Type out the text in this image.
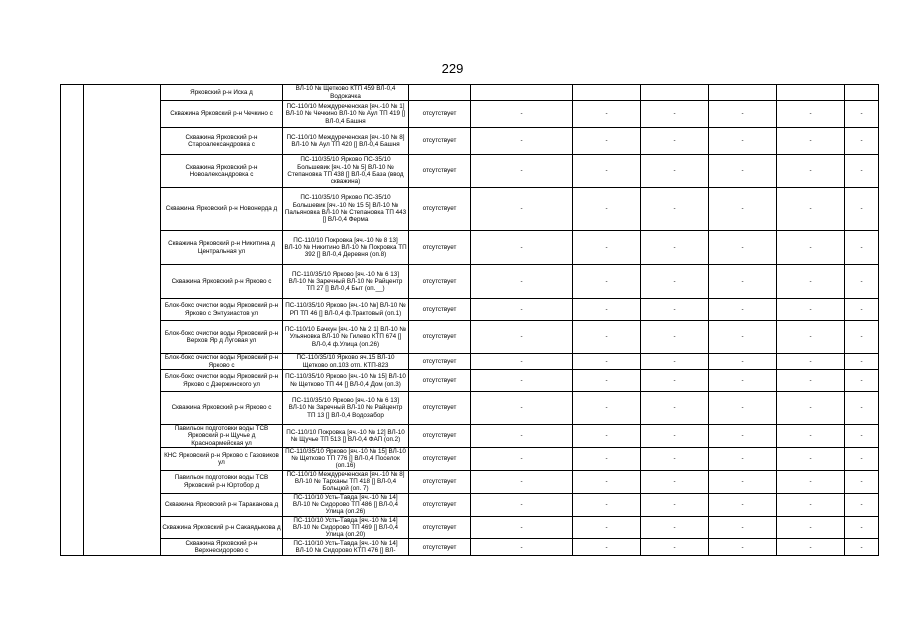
229
		Ярковский р-н Иска д	ВЛ-10 № Щетково КТП 459 ВЛ-0,4 Водокачка							
		Скважина Ярковский р-н Чечкино с	ПС-110/10 Междуреченская [яч.-10 № 1] ВЛ-10 № Чечкино ВЛ-10 № Аул ТП 419 [] ВЛ-0,4 Башня	отсутствует	-	-	-	-	-	-
		Скважина Ярковский р-н Староалександровка с	ПС-110/10 Междуреченская [яч.-10 № 8] ВЛ-10 № Аул ТП 420 [] ВЛ-0,4 Башня	отсутствует	-	-	-	-	-	-
		Скважина Ярковский р-н Новоалександровка с	ПС-110/35/10 Ярково ПС-35/10 Большевик [яч.-10 № 5] ВЛ-10 № Степановка ТП 438 [] ВЛ-0,4 База (ввод скважина)	отсутствует	-	-	-	-	-	-
		Скважина Ярковский р-н Новонерда д	ПС-110/35/10 Ярково ПС-35/10 Большевик [яч.-10 № 15 5] ВЛ-10 № Пальяновка ВЛ-10 № Степановка ТП 443 [] ВЛ-0,4 Ферма	отсутствует	-	-	-	-	-	-
		Скважина Ярковский р-н Никитина д Центральная ул	ПС-110/10 Покровка [яч.-10 № 8 13] ВЛ-10 № Никитино ВЛ-10 № Покровка ТП 392 [] ВЛ-0,4 Деревня (оп.8)	отсутствует	-	-	-	-	-	-
		Скважина Ярковский р-н Ярково с	ПС-110/35/10 Ярково [яч.-10 № 6 13] ВЛ-10 № Заречный ВЛ-10 № Райцентр ТП 27 [] ВЛ-0,4 Быт (оп.__)	отсутствует	-	-	-	-	-	-
		Блок-бокс очистки воды Ярковский р-н Ярково с Энтузиастов ул	ПС-110/35/10 Ярково [яч.-10 №] ВЛ-10 № РП ТП 46 [] ВЛ-0,4 ф.Трактовый (оп.1)	отсутствует	-	-	-	-	-	-
		Блок-бокс очистки воды Ярковский р-н Верхов Яр д Луговая ул	ПС-110/10 Бачкун [яч.-10 № 2 1] ВЛ-10 № Ульяновка ВЛ-10 № Гилево КТП 674 [] ВЛ-0,4 ф.Улица (оп.26)	отсутствует	-	-	-	-	-	-
		Блок-бокс очистки воды Ярковский р-н Ярково с	ПС-110/35/10 Ярково яч.15 ВЛ-10 Щетково оп.103 отп. КТП-823	отсутствует	-	-	-	-	-	-
		Блок-бокс очистки воды Ярковский р-н Ярково с Дзержинского ул	ПС-110/35/10 Ярково [яч.-10 № 15] ВЛ-10 № Щетково ТП 44 [] ВЛ-0,4 Дом (оп.3)	отсутствует	-	-	-	-	-	-
		Скважина Ярковский р-н Ярково с	ПС-110/35/10 Ярково [яч.-10 № 6 13] ВЛ-10 № Заречный ВЛ-10 № Райцентр ТП 13 [] ВЛ-0,4 Водозабор	отсутствует	-	-	-	-	-	-
		Павильон подготовки воды ТСВ Ярковский р-н Щучье д Красноармейская ул	ПС-110/10 Покровка [яч.-10 № 12] ВЛ-10 № Щучье ТП 513 [] ВЛ-0,4 ФАП (оп.2)	отсутствует	-	-	-	-	-	-
		КНС Ярковский р-н Ярково с Газовиков ул	ПС-110/35/10 Ярково [яч.-10 № 15] ВЛ-10 № Щетково ТП 776 [] ВЛ-0,4 Поселок (оп.16)	отсутствует	-	-	-	-	-	-
		Павильон подготовки воды ТСВ Ярковский р-н Юртобор д	ПС-110/10 Междуреченская [яч.-10 № 8] ВЛ-10 № Тарханы ТП 418 [] ВЛ-0,4 Больцюй (оп. 7)	отсутствует	-	-	-	-	-	-
		Скважина Ярковский р-н Тараканова д	ПС-110/10 Усть-Тавда [яч.-10 № 14] ВЛ-10 № Сидорово ТП 486 [] ВЛ-0,4 Улица (оп.26)	отсутствует	-	-	-	-	-	-
		Скважина Ярковский р-н Сакаядыкова д	ПС-110/10 Усть-Тавда [яч.-10 № 14] ВЛ-10 № Сидорово ТП 469 [] ВЛ-0,4 Улица (оп.20)	отсутствует	-	-	-	-	-	-
		Скважина Ярковский р-н Верхнесидорово с	ПС-110/10 Усть-Тавда [яч.-10 № 14] ВЛ-10 № Сидорово КТП 476 [] ВЛ-	отсутствует	-	-	-	-	-	-
